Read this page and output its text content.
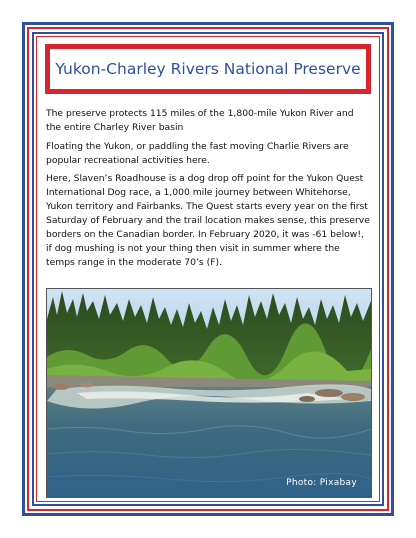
Yukon-Charley Rivers National Preserve

The preserve protects 115 miles of the 1,800-mile Yukon River and the entire Charley River basin

Floating the Yukon, or paddling the fast moving Charlie Rivers are popular recreational activities here.

Here, Slaven’s Roadhouse is a dog drop off point for the Yukon Quest International Dog race, a 1,000 mile journey between Whitehorse, Yukon territory and Fairbanks. The Quest starts every year on the first Saturday of February and the trail location makes sense, this preserve borders on the Canadian border. In February 2020, it was -61 below!, if dog mushing is not your thing then visit in summer where the temps range in the moderate 70’s (F).

Photo: Pixabay
